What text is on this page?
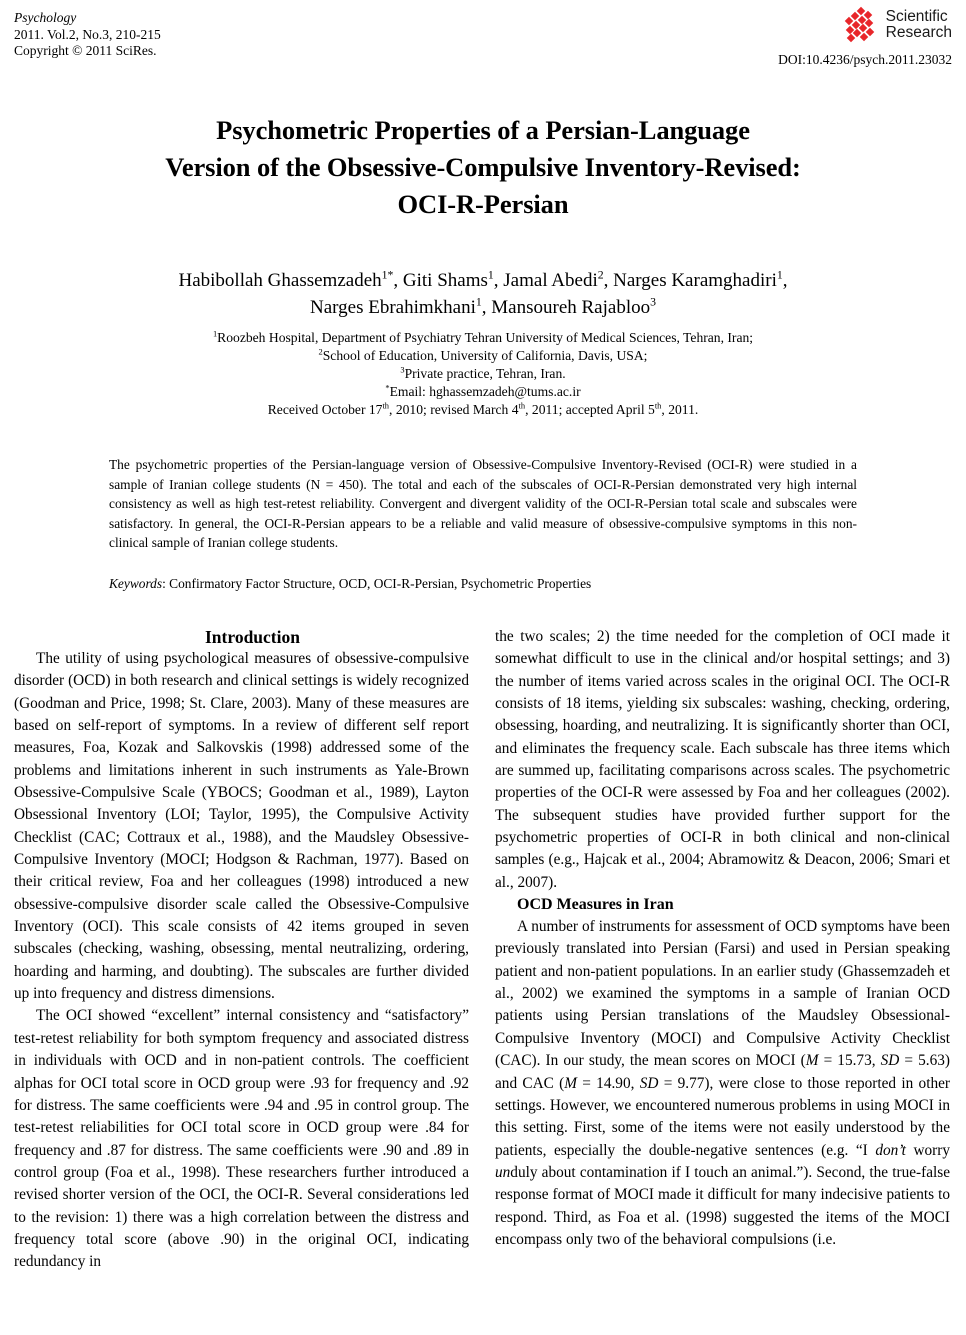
Psychology
2011. Vol.2, No.3, 210-215
Copyright © 2011 SciRes.
Scientific
Research
DOI:10.4236/psych.2011.23032
Psychometric Properties of a Persian-Language
Version of the Obsessive-Compulsive Inventory-Revised:
OCI-R-Persian
Habibollah Ghassemzadeh$^{1*}$, Giti Shams$^1$, Jamal Abedi$^2$, Narges Karamghadiri$^1$,
Narges Ebrahimkhani$^1$, Mansoureh Rajabloo$^3$
$^1$Roozbeh Hospital, Department of Psychiatry Tehran University of Medical Sciences, Tehran, Iran;
$^2$School of Education, University of California, Davis, USA;
$^3$Private practice, Tehran, Iran.
*Email: hghassemzadeh@tums.ac.ir
Received October 17th, 2010; revised March 4th, 2011; accepted April 5th, 2011.
The psychometric properties of the Persian-language version of Obsessive-Compulsive Inventory-Revised (OCI-R) were studied in a sample of Iranian college students (N = 450). The total and each of the subscales of OCI-R-Persian demonstrated very high internal consistency as well as high test-retest reliability. Convergent and divergent validity of the OCI-R-Persian total scale and subscales were satisfactory. In general, the OCI-R-Persian appears to be a reliable and valid measure of obsessive-compulsive symptoms in this non-clinical sample of Iranian college students.
Keywords: Confirmatory Factor Structure, OCD, OCI-R-Persian, Psychometric Properties

Introduction

The utility of using psychological measures of obsessive-compulsive disorder (OCD) in both research and clinical settings is widely recognized (Goodman and Price, 1998; St. Clare, 2003). Many of these measures are based on self-report of symptoms. In a review of different self report measures, Foa, Kozak and Salkovskis (1998) addressed some of the problems and limitations inherent in such instruments as Yale-Brown Obsessive-Compulsive Scale (YBOCS; Goodman et al., 1989), Layton Obsessional Inventory (LOI; Taylor, 1995), the Compulsive Activity Checklist (CAC; Cottraux et al., 1988), and the Maudsley Obsessive-Compulsive Inventory (MOCI; Hodgson & Rachman, 1977). Based on their critical review, Foa and her colleagues (1998) introduced a new obsessive-compulsive disorder scale called the Obsessive-Compulsive Inventory (OCI). This scale consists of 42 items grouped in seven subscales (checking, washing, obsessing, mental neutralizing, ordering, hoarding and harming, and doubting). The subscales are further divided up into frequency and distress dimensions.

The OCI showed “excellent” internal consistency and “satisfactory” test-retest reliability for both symptom frequency and associated distress in individuals with OCD and in non-patient controls. The coefficient alphas for OCI total score in OCD group were .93 for frequency and .92 for distress. The same coefficients were .94 and .95 in control group. The test-retest reliabilities for OCI total score in OCD group were .84 for frequency and .87 for distress. The same coefficients were .90 and .89 in control group (Foa et al., 1998). These researchers further introduced a revised shorter version of the OCI, the OCI-R. Several considerations led to the revision: 1) there was a high correlation between the distress and frequency total score (above .90) in the original OCI, indicating redundancy in

the two scales; 2) the time needed for the completion of OCI made it somewhat difficult to use in the clinical and/or hospital settings; and 3) the number of items varied across scales in the original OCI. The OCI-R consists of 18 items, yielding six subscales: washing, checking, ordering, obsessing, hoarding, and neutralizing. It is significantly shorter than OCI, and eliminates the frequency scale. Each subscale has three items which are summed up, facilitating comparisons across scales. The psychometric properties of the OCI-R were assessed by Foa and her colleagues (2002). The subsequent studies have provided further support for the psychometric properties of OCI-R in both clinical and non-clinical samples (e.g., Hajcak et al., 2004; Abramowitz & Deacon, 2006; Smari et al., 2007).

OCD Measures in Iran

A number of instruments for assessment of OCD symptoms have been previously translated into Persian (Farsi) and used in Persian speaking patient and non-patient populations. In an earlier study (Ghassemzadeh et al., 2002) we examined the symptoms in a sample of Iranian OCD patients using Persian translations of the Maudsley Obsessional-Compulsive Inventory (MOCI) and Compulsive Activity Checklist (CAC). In our study, the mean scores on MOCI (M = 15.73, SD = 5.63) and CAC (M = 14.90, SD = 9.77), were close to those reported in other settings. However, we encountered numerous problems in using MOCI in this setting. First, some of the items were not easily understood by the patients, especially the double-negative sentences (e.g. “I don’t worry unduly about contamination if I touch an animal.”). Second, the true-false response format of MOCI made it difficult for many indecisive patients to respond. Third, as Foa et al. (1998) suggested the items of the MOCI encompass only two of the behavioral compulsions (i.e.
